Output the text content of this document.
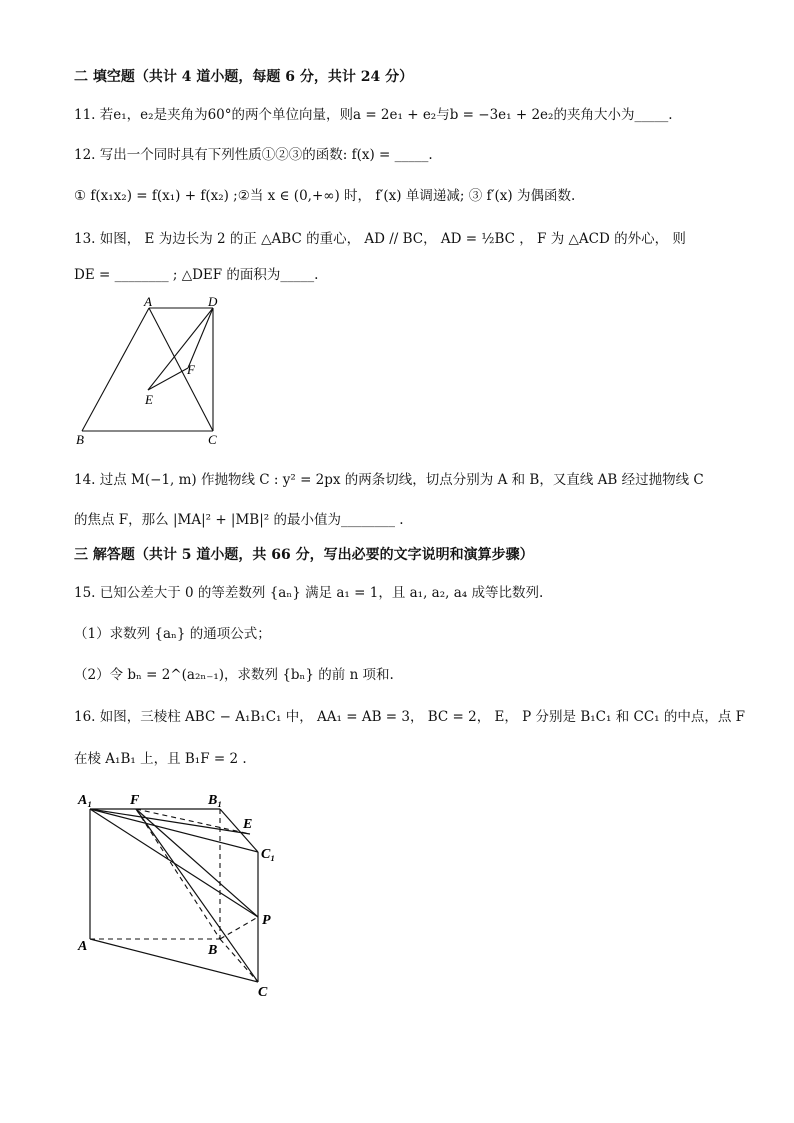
二 填空题（共计 4 道小题，每题 6 分，共计 24 分）
11. 若e₁，e₂是夹角为60°的两个单位向量，则a = 2e₁ + e₂与b = −3e₁ + 2e₂的夹角大小为_____.
12. 写出一个同时具有下列性质①②③的函数: f(x) = _____.
① f(x₁x₂) = f(x₁) + f(x₂) ;②当 x ∈ (0,+∞) 时， f′(x) 单调递减; ③ f′(x) 为偶函数.
13. 如图， E 为边长为 2 的正 △ABC 的重心， AD // BC， AD = ½BC ， F 为 △ACD 的外心， 则
DE = ________ ; △DEF 的面积为_____.
A	D
B	C
E
F
14. 过点 M(−1, m) 作抛物线 C : y² = 2px 的两条切线，切点分别为 A 和 B，又直线 AB 经过抛物线 C
的焦点 F，那么 |MA|² + |MB|² 的最小值为________ .
三 解答题（共计 5 道小题，共 66 分，写出必要的文字说明和演算步骤）
15. 已知公差大于 0 的等差数列 {aₙ} 满足 a₁ = 1，且 a₁, a₂, a₄ 成等比数列.
（1）求数列 {aₙ} 的通项公式；
（2）令 bₙ = 2^(a₂ₙ₋₁)，求数列 {bₙ} 的前 n 项和.
16. 如图，三棱柱 ABC − A₁B₁C₁ 中， AA₁ = AB = 3， BC = 2， E， P 分别是 B₁C₁ 和 CC₁ 的中点，点 F
在棱 A₁B₁ 上，且 B₁F = 2 .
A₁	F	B₁
E
C₁
P
A	B
C
